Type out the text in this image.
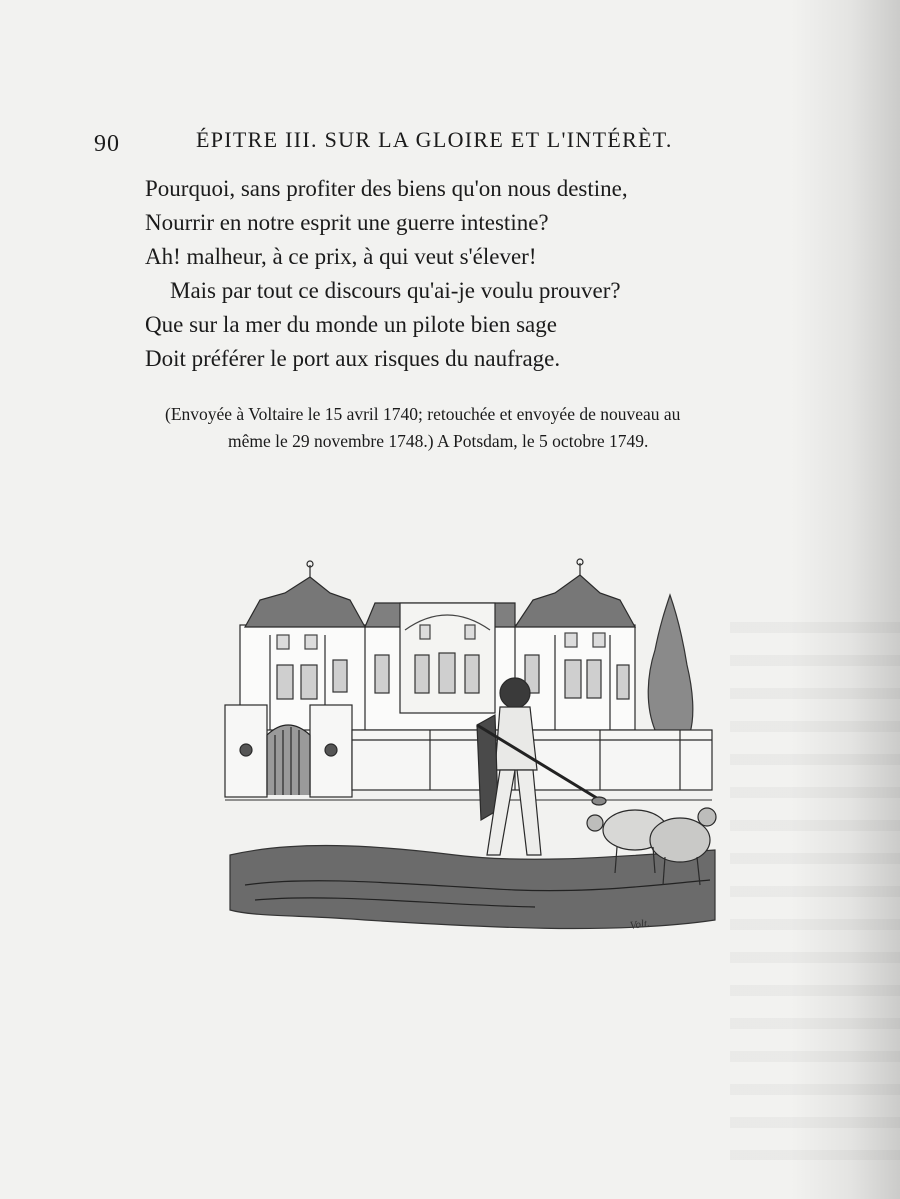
90	ÉPITRE III. SUR LA GLOIRE ET L'INTÉRÈT.
Pourquoi, sans profiter des biens qu'on nous destine,
Nourrir en notre esprit une guerre intestine?
Ah! malheur, à ce prix, à qui veut s'élever!
Mais par tout ce discours qu'ai-je voulu prouver?
Que sur la mer du monde un pilote bien sage
Doit préférer le port aux risques du naufrage.
(Envoyée à Voltaire le 15 avril 1740; retouchée et envoyée de nouveau au
même le 29 novembre 1748.) A Potsdam, le 5 octobre 1749.
Volt.
